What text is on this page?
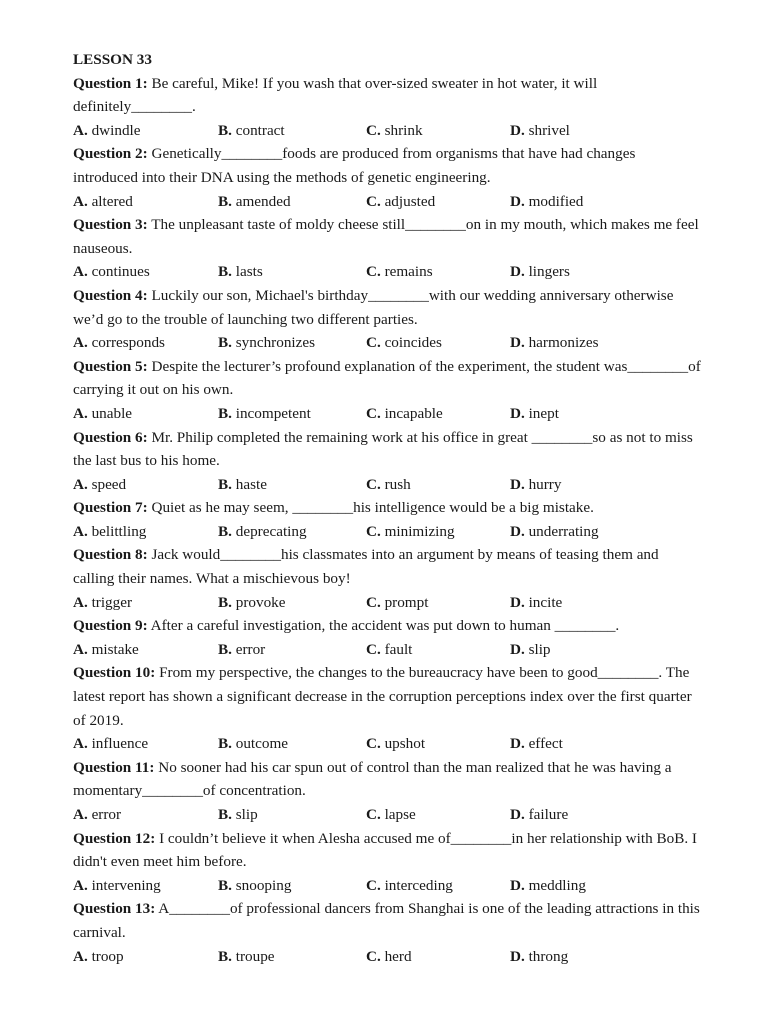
LESSON 33

Question 1: Be careful, Mike! If you wash that over-sized sweater in hot water, it will definitely________.

A. dwindle	B. contract	C. shrink	D. shrivel

Question 2: Genetically________foods are produced from organisms that have had changes introduced into their DNA using the methods of genetic engineering.

A. altered	B. amended	C. adjusted	D. modified

Question 3: The unpleasant taste of moldy cheese still________on in my mouth, which makes me feel nauseous.

A. continues	B. lasts	C. remains	D. lingers

Question 4: Luckily our son, Michael's birthday________with our wedding anniversary otherwise we’d go to the trouble of launching two different parties.

A. corresponds	B. synchronizes	C. coincides	D. harmonizes

Question 5: Despite the lecturer’s profound explanation of the experiment, the student was________of carrying it out on his own.

A. unable	B. incompetent	C. incapable	D. inept

Question 6: Mr. Philip completed the remaining work at his office in great ________so as not to miss the last bus to his home.

A. speed	B. haste	C. rush	D. hurry

Question 7: Quiet as he may seem, ________his intelligence would be a big mistake.

A. belittling	B. deprecating	C. minimizing	D. underrating

Question 8: Jack would________his classmates into an argument by means of teasing them and calling their names. What a mischievous boy!

A. trigger	B. provoke	C. prompt	D. incite

Question 9: After a careful investigation, the accident was put down to human ________.

A. mistake	B. error	C. fault	D. slip

Question 10: From my perspective, the changes to the bureaucracy have been to good________. The latest report has shown a significant decrease in the corruption perceptions index over the first quarter of 2019.

A. influence	B. outcome	C. upshot	D. effect

Question 11: No sooner had his car spun out of control than the man realized that he was having a momentary________of concentration.

A. error	B. slip	C. lapse	D. failure

Question 12: I couldn’t believe it when Alesha accused me of________in her relationship with BoB. I didn't even meet him before.

A. intervening	B. snooping	C. interceding	D. meddling

Question 13: A________of professional dancers from Shanghai is one of the leading attractions in this carnival.

A. troop	B. troupe	C. herd	D. throng
